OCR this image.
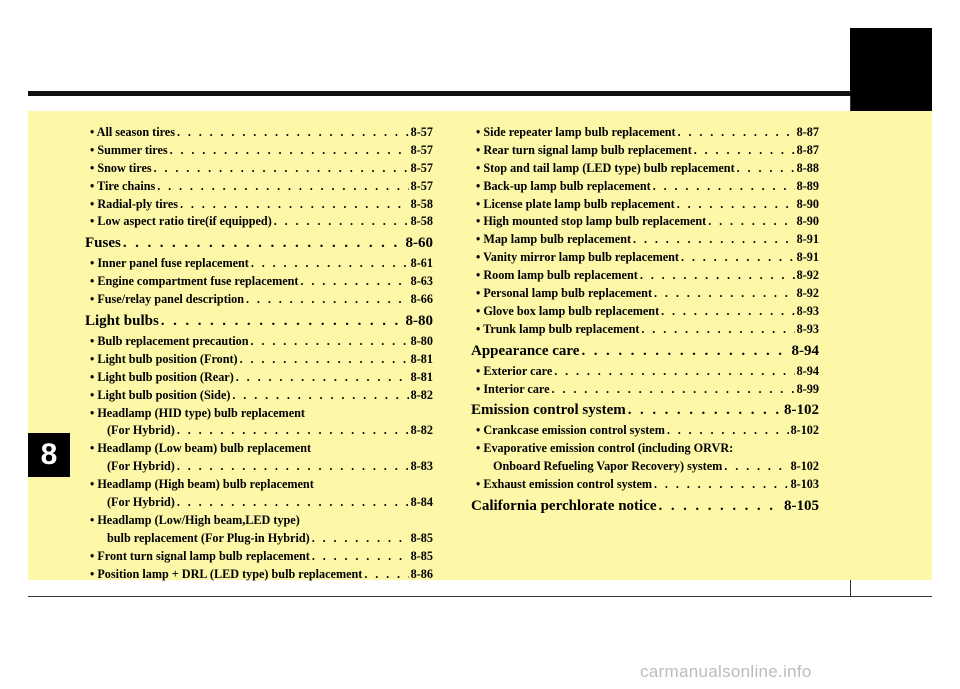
8
• All season tires . . .	8-57
• Summer tires . . .	8-57
• Snow tires . . .	8-57
• Tire chains . . .	8-57
• Radial-ply tires . . .	8-58
• Low aspect ratio tire(if equipped) . . .	8-58
Fuses . . .	8-60
• Inner panel fuse replacement . . .	8-61
• Engine compartment fuse replacement . . .	8-63
• Fuse/relay panel description . . .	8-66
Light bulbs . . .	8-80
• Bulb replacement precaution . . .	8-80
• Light bulb position (Front) . . .	8-81
• Light bulb position (Rear) . . .	8-81
• Light bulb position (Side) . . .	8-82
• Headlamp (HID type) bulb replacement
(For Hybrid) . . .	8-82
• Headlamp (Low beam) bulb replacement
(For Hybrid) . . .	8-83
• Headlamp (High beam) bulb replacement
(For Hybrid) . . .	8-84
• Headlamp (Low/High beam,LED type)
bulb replacement (For Plug-in Hybrid) . . .	8-85
• Front turn signal lamp bulb replacement . . .	8-85
• Position lamp + DRL (LED type) bulb replacement . . .	8-86
• Side repeater lamp bulb replacement . . .	8-87
• Rear turn signal lamp bulb replacement . . .	8-87
• Stop and tail lamp (LED type) bulb replacement . . .	8-88
• Back-up lamp bulb replacement . . .	8-89
• License plate lamp bulb replacement . . .	8-90
• High mounted stop lamp bulb replacement . . .	8-90
• Map lamp bulb replacement . . .	8-91
• Vanity mirror lamp bulb replacement . . .	8-91
• Room lamp bulb replacement . . .	8-92
• Personal lamp bulb replacement . . .	8-92
• Glove box lamp bulb replacement . . .	8-93
• Trunk lamp bulb replacement . . .	8-93
Appearance care . . .	8-94
• Exterior care . . .	8-94
• Interior care . . .	8-99
Emission control system . . .	8-102
• Crankcase emission control system . . .	8-102
• Evaporative emission control (including ORVR:
Onboard Refueling Vapor Recovery) system . . .	8-102
• Exhaust emission control system . . .	8-103
California perchlorate notice . . .	8-105
carmanualsonline.info
